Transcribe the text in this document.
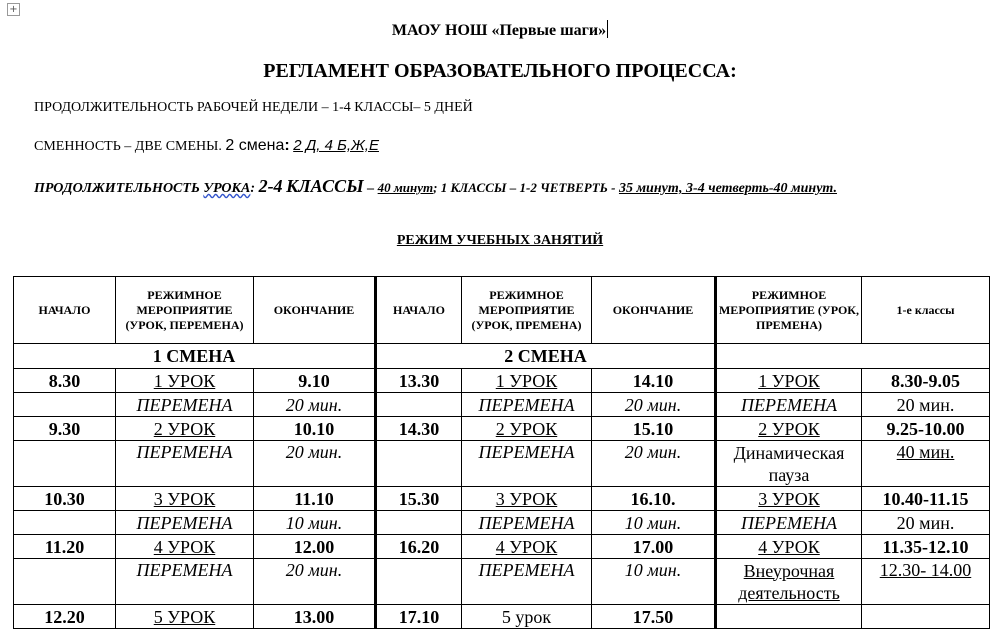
+
МАОУ НОШ «Первые шаги»
РЕГЛАМЕНТ ОБРАЗОВАТЕЛЬНОГО ПРОЦЕССА:
ПРОДОЛЖИТЕЛЬНОСТЬ РАБОЧЕЙ НЕДЕЛИ – 1-4 КЛАССЫ– 5 ДНЕЙ
СМЕННОСТЬ – ДВЕ СМЕНЫ. 2 смена: 2 Д, 4 Б,Ж,Е
ПРОДОЛЖИТЕЛЬНОСТЬ УРОКА: 2-4 КЛАССЫ – 40 минут; 1 КЛАССЫ – 1-2 ЧЕТВЕРТЬ - 35 минут, 3-4 четверть-40 минут.
РЕЖИМ УЧЕБНЫХ ЗАНЯТИЙ
НАЧАЛО	РЕЖИМНОЕ МЕРОПРИЯТИЕ (УРОК, ПЕРЕМЕНА)	ОКОНЧАНИЕ	НАЧАЛО	РЕЖИМНОЕ МЕРОПРИЯТИЕ (УРОК, ПРЕМЕНА)	ОКОНЧАНИЕ	РЕЖИМНОЕ МЕРОПРИЯТИЕ (УРОК, ПРЕМЕНА)	1-е классы
1 СМЕНА			2 СМЕНА				
8.30	1 УРОК	9.10	13.30	1 УРОК	14.10	1 УРОК	8.30-9.05
	ПЕРЕМЕНА	20 мин.		ПЕРЕМЕНА	20 мин.	ПЕРЕМЕНА	20 мин.
9.30	2 УРОК	10.10	14.30	2 УРОК	15.10	2 УРОК	9.25-10.00
	ПЕРЕМЕНА	20 мин.		ПЕРЕМЕНА	20 мин.	Динамическая пауза	40 мин.
10.30	3 УРОК	11.10	15.30	3 УРОК	16.10.	3 УРОК	10.40-11.15
	ПЕРЕМЕНА	10 мин.		ПЕРЕМЕНА	10 мин.	ПЕРЕМЕНА	20 мин.
11.20	4 УРОК	12.00	16.20	4 УРОК	17.00	4 УРОК	11.35-12.10
	ПЕРЕМЕНА	20 мин.		ПЕРЕМЕНА	10 мин.	Внеурочная деятельность	12.30- 14.00
12.20	5 УРОК	13.00	17.10	5 урок	17.50		
